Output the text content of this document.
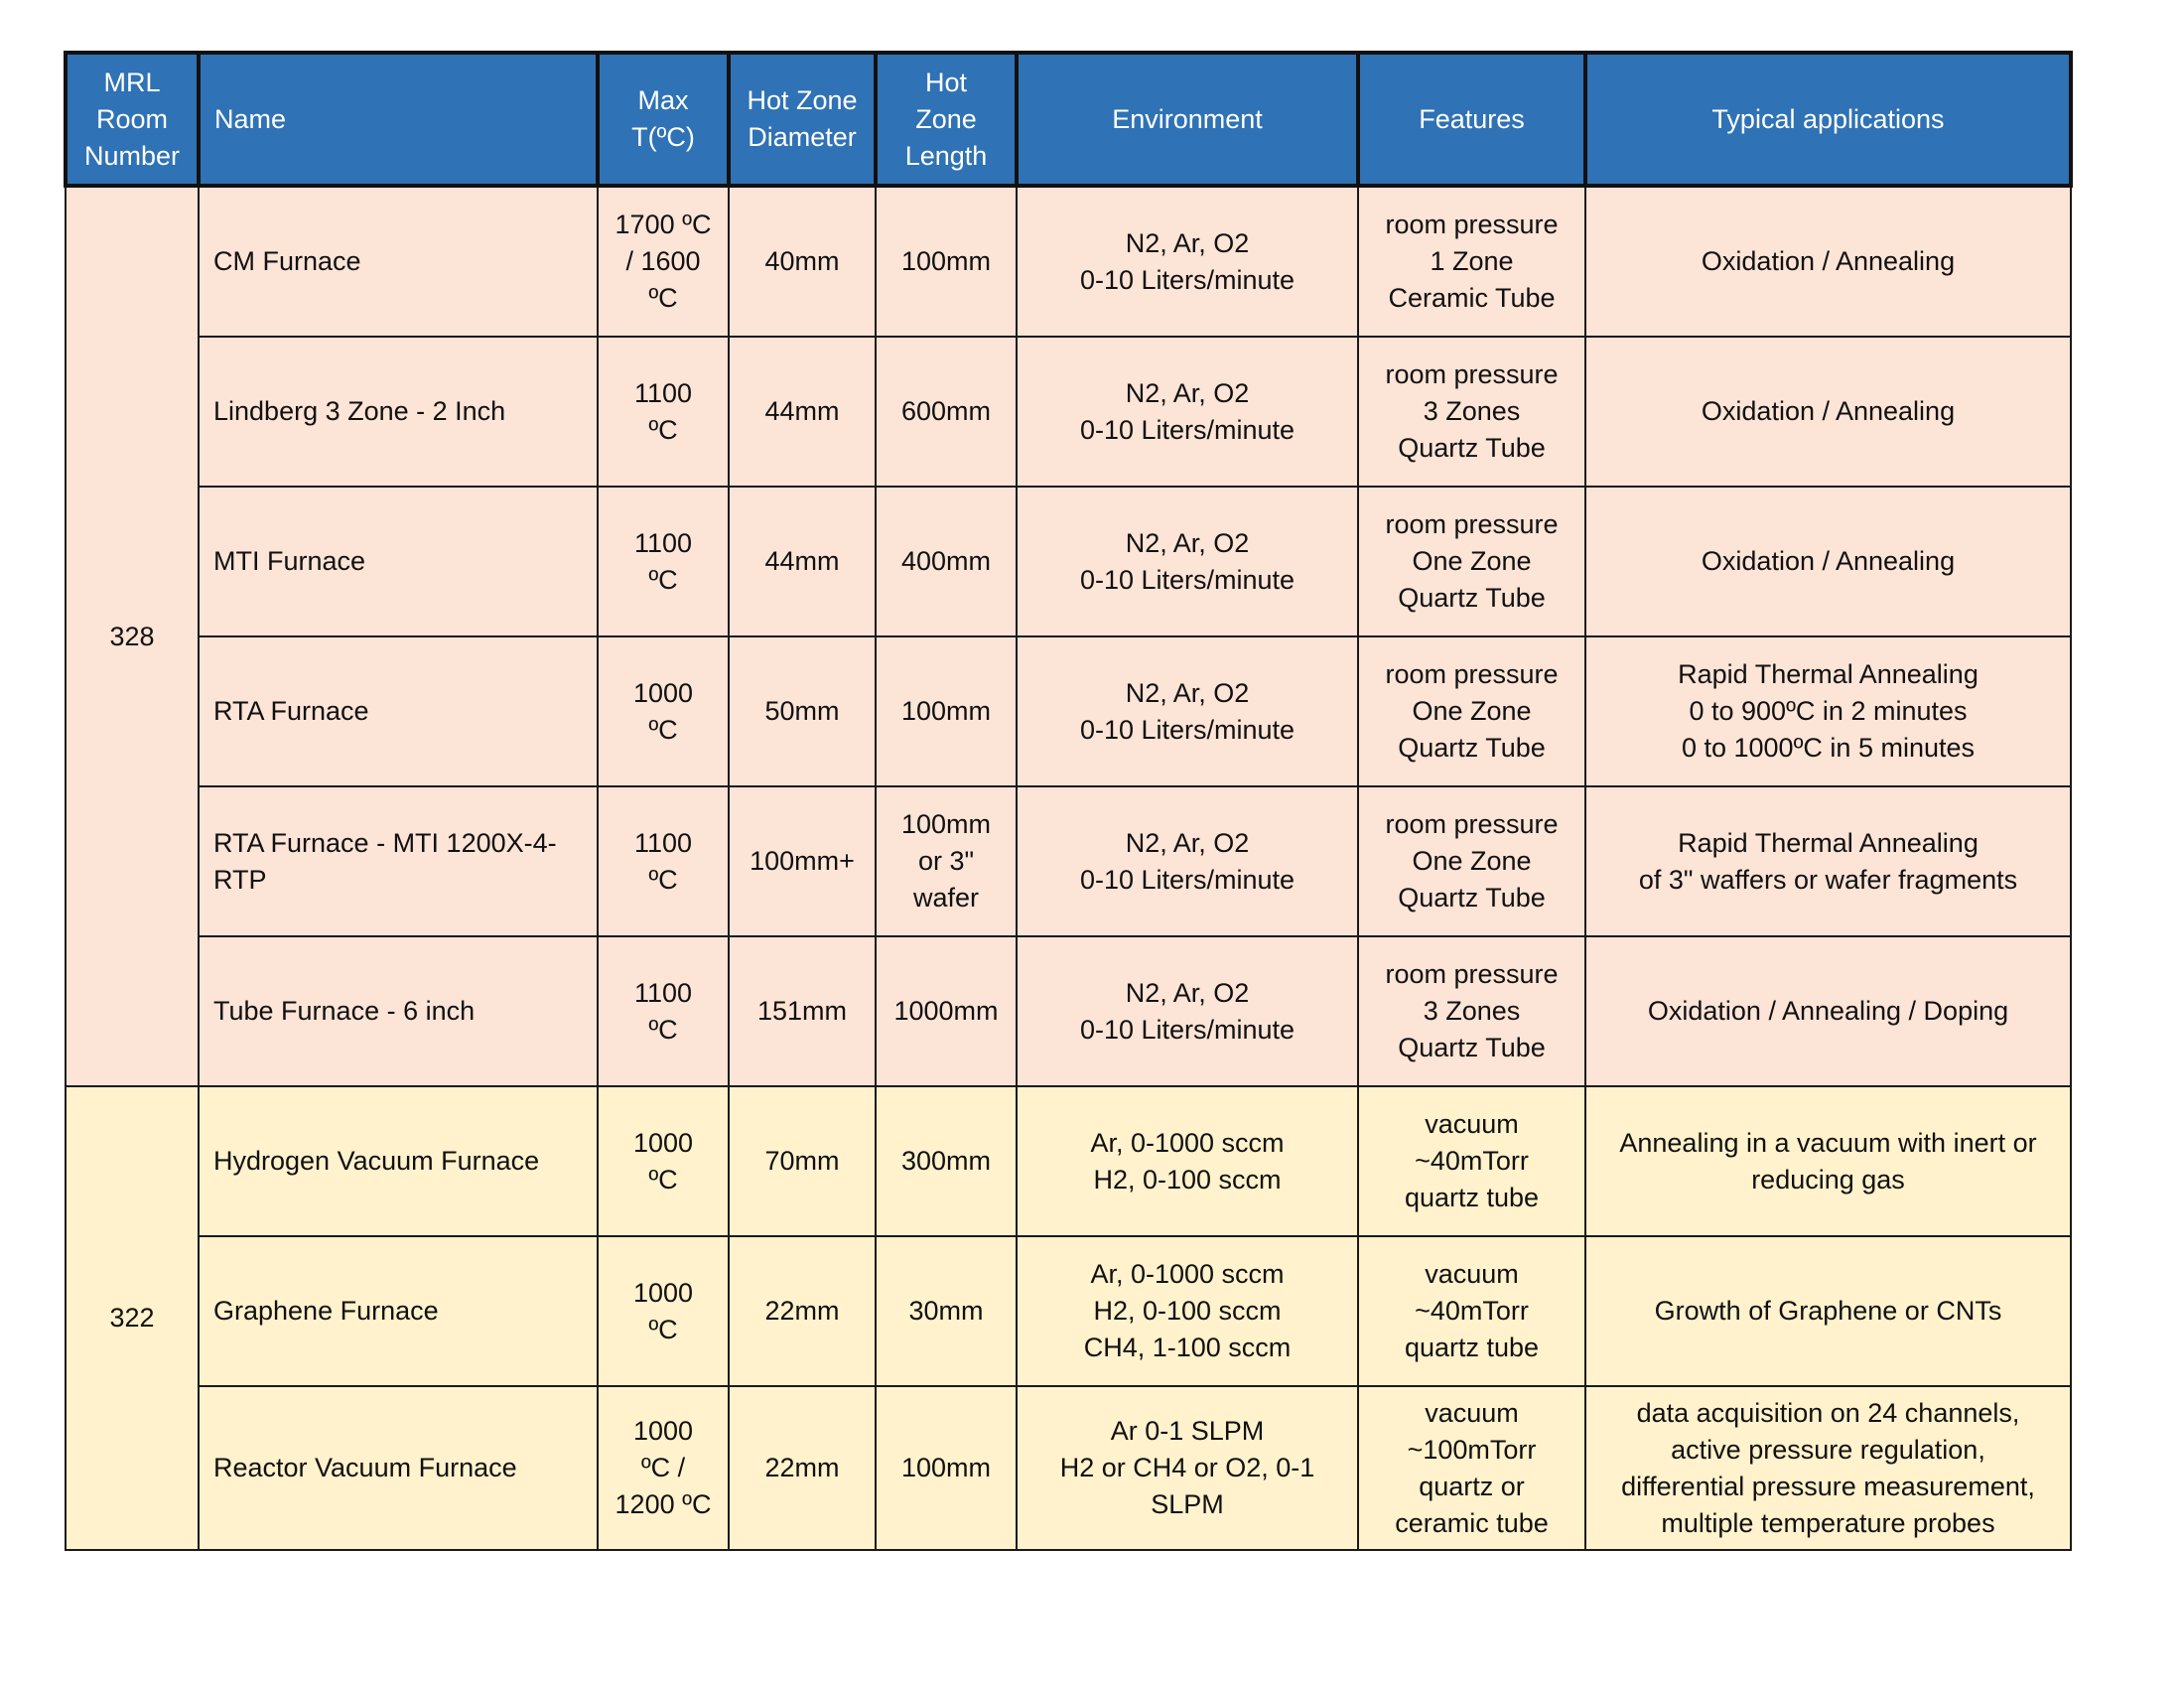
MRL
Room
Number	Name	Max
T(ºC)	Hot Zone
Diameter	Hot
Zone
Length	Environment	Features	Typical applications
328	CM Furnace	1700 ºC
/ 1600
ºC	40mm	100mm	N2, Ar, O2
0-10 Liters/minute	room pressure
1 Zone
Ceramic Tube	Oxidation / Annealing

	Lindberg 3 Zone - 2 Inch	1100
ºC	44mm	600mm	N2, Ar, O2
0-10 Liters/minute	room pressure
3 Zones
Quartz Tube	Oxidation / Annealing

	MTI Furnace	1100
ºC	44mm	400mm	N2, Ar, O2
0-10 Liters/minute	room pressure
One Zone
Quartz Tube	Oxidation / Annealing

	RTA Furnace	1000
ºC	50mm	100mm	N2, Ar, O2
0-10 Liters/minute	room pressure
One Zone
Quartz Tube	Rapid Thermal Annealing
0 to 900ºC in 2 minutes
0 to 1000ºC in 5 minutes

	RTA Furnace - MTI 1200X-4-RTP	1100
ºC	100mm+	100mm
or 3"
wafer	N2, Ar, O2
0-10 Liters/minute	room pressure
One Zone
Quartz Tube	Rapid Thermal Annealing
of 3" waffers or wafer fragments

	Tube Furnace - 6 inch	1100
ºC	151mm	1000mm	N2, Ar, O2
0-10 Liters/minute	room pressure
3 Zones
Quartz Tube	Oxidation / Annealing / Doping

322	Hydrogen Vacuum Furnace	1000
ºC	70mm	300mm	Ar, 0-1000 sccm
H2, 0-100 sccm	vacuum
~40mTorr
quartz tube	Annealing in a vacuum with inert or
reducing gas

	Graphene Furnace	1000
ºC	22mm	30mm	Ar, 0-1000 sccm
H2, 0-100 sccm
CH4, 1-100 sccm	vacuum
~40mTorr
quartz tube	Growth of Graphene or CNTs

	Reactor Vacuum Furnace	1000
ºC /
1200 ºC	22mm	100mm	Ar 0-1 SLPM
H2 or CH4 or O2, 0-1
SLPM	vacuum
~100mTorr
quartz or
ceramic tube	data acquisition on 24 channels,
active pressure regulation,
differential pressure measurement,
multiple temperature probes
